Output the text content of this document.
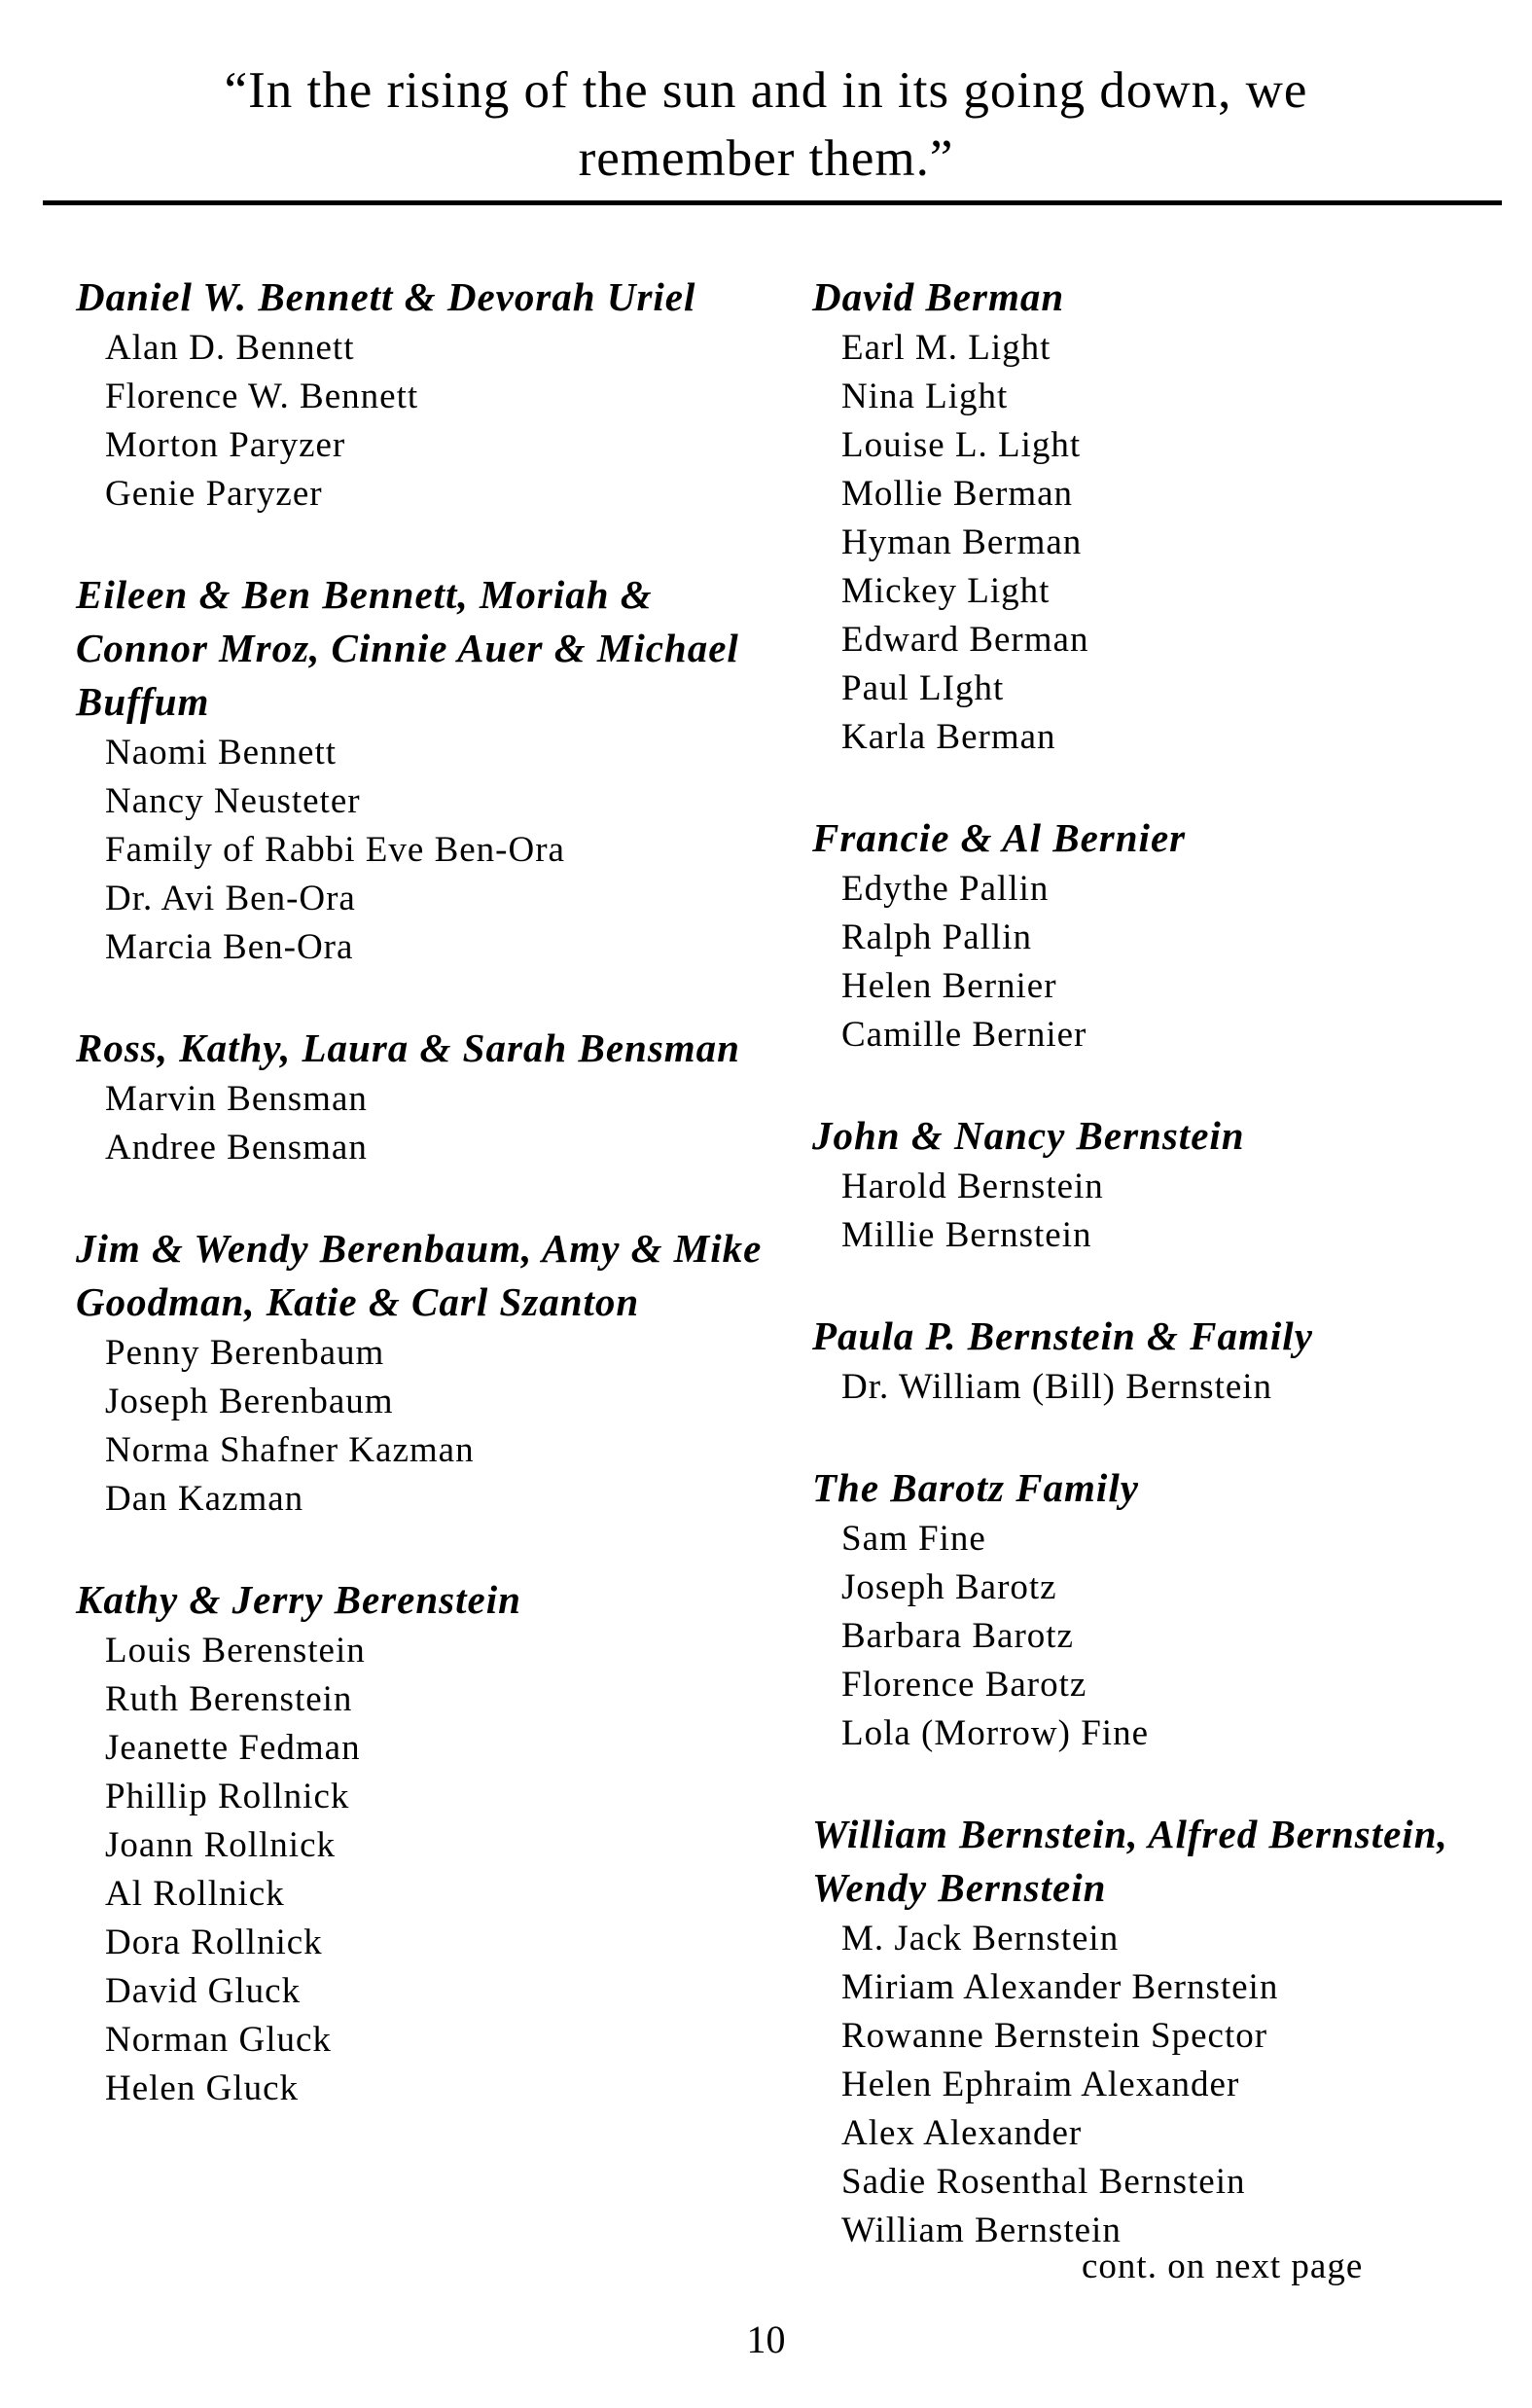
“In the rising of the sun and in its going down, we remember them.”
Daniel W. Bennett & Devorah Uriel
Alan D. Bennett
Florence W. Bennett
Morton Paryzer
Genie Paryzer
Eileen & Ben Bennett, Moriah & Connor Mroz, Cinnie Auer & Michael Buffum
Naomi Bennett
Nancy Neusteter
Family of Rabbi Eve Ben-Ora
Dr. Avi Ben-Ora
Marcia Ben-Ora
Ross, Kathy, Laura & Sarah Bensman
Marvin Bensman
Andree Bensman
Jim & Wendy Berenbaum, Amy & Mike Goodman, Katie & Carl Szanton
Penny Berenbaum
Joseph Berenbaum
Norma Shafner Kazman
Dan Kazman
Kathy & Jerry Berenstein
Louis Berenstein
Ruth Berenstein
Jeanette Fedman
Phillip Rollnick
Joann Rollnick
Al Rollnick
Dora Rollnick
David Gluck
Norman Gluck
Helen Gluck
David Berman
Earl M. Light
Nina Light
Louise L. Light
Mollie Berman
Hyman Berman
Mickey Light
Edward Berman
Paul LIght
Karla Berman
Francie & Al Bernier
Edythe Pallin
Ralph Pallin
Helen Bernier
Camille Bernier
John & Nancy Bernstein
Harold Bernstein
Millie Bernstein
Paula P. Bernstein & Family
Dr. William (Bill) Bernstein
The Barotz Family
Sam Fine
Joseph Barotz
Barbara Barotz
Florence Barotz
Lola (Morrow) Fine
William Bernstein, Alfred Bernstein, Wendy Bernstein
M. Jack Bernstein
Miriam Alexander Bernstein
Rowanne Bernstein Spector
Helen Ephraim Alexander
Alex Alexander
Sadie Rosenthal Bernstein
William Bernstein
cont. on next page
10
